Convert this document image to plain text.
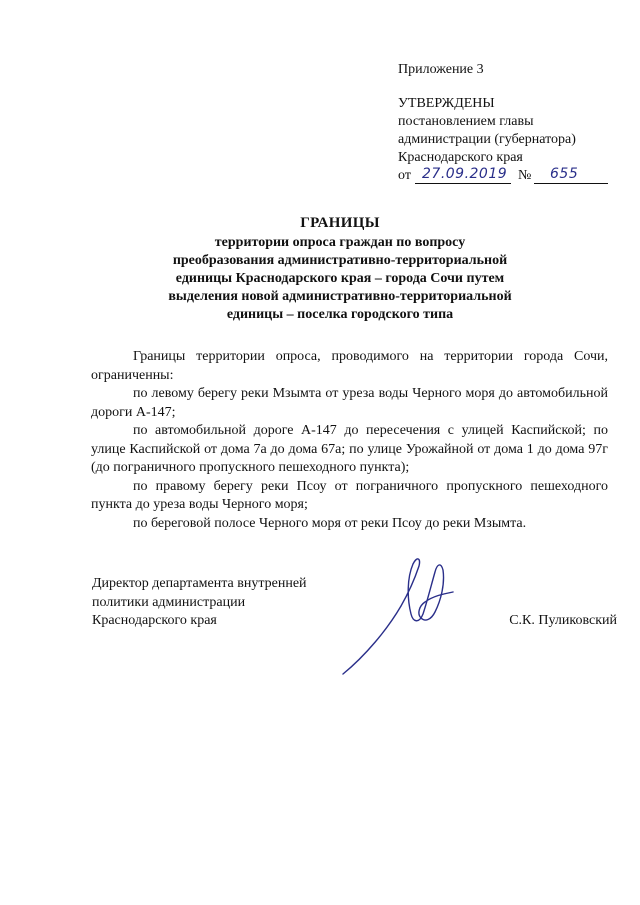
Приложение 3
УТВЕРЖДЕНЫ
постановлением главы
администрации (губернатора)
Краснодарского края
от 27.09.2019 № 655
ГРАНИЦЫ
территории опроса граждан по вопросу
преобразования административно-территориальной
единицы Краснодарского края – города Сочи путем
выделения новой административно-территориальной
единицы – поселка городского типа

Границы территории опроса, проводимого на территории города Сочи, ограниченны:

по левому берегу реки Мзымта от уреза воды Черного моря до автомобильной дороги А-147;

по автомобильной дороге А-147 до пересечения с улицей Каспийской; по улице Каспийской от дома 7а до дома 67а; по улице Урожайной от дома 1 до дома 97г (до пограничного пропускного пешеходного пункта);

по правому берегу реки Псоу от пограничного пропускного пешеходного пункта до уреза воды Черного моря;

по береговой полосе Черного моря от реки Псоу до реки Мзымта.

Директор департамента внутренней
политики администрации
Краснодарского края	С.К. Пуликовский
